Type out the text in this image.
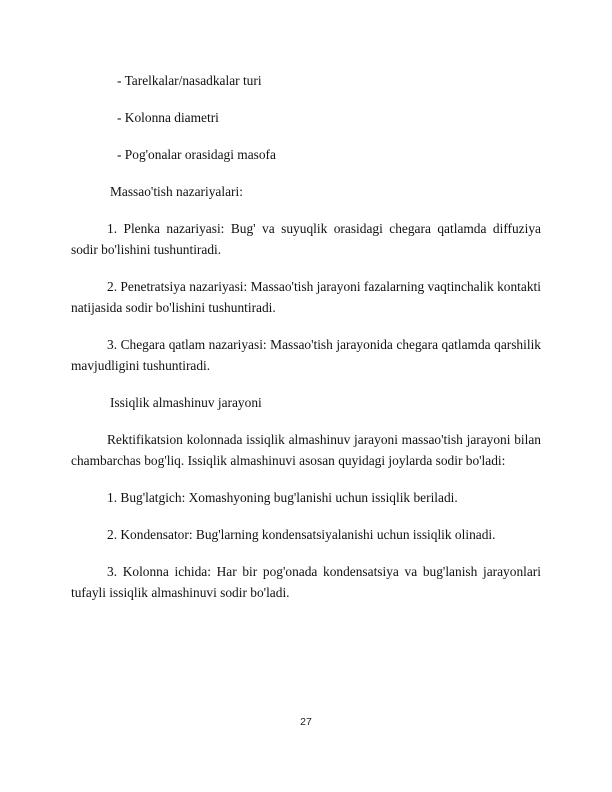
- Tarelkalar/nasadkalar turi
- Kolonna diametri
- Pog'onalar orasidagi masofa
Massao'tish nazariyalari:

1. Plenka nazariyasi: Bug' va suyuqlik orasidagi chegara qatlamda diffuziya sodir bo'lishini tushuntiradi.

2. Penetratsiya nazariyasi: Massao'tish jarayoni fazalarning vaqtinchalik kontakti natijasida sodir bo'lishini tushuntiradi.

3. Chegara qatlam nazariyasi: Massao'tish jarayonida chegara qatlamda qarshilik mavjudligini tushuntiradi.

Issiqlik almashinuv jarayoni

Rektifikatsion kolonnada issiqlik almashinuv jarayoni massao'tish jarayoni bilan chambarchas bog'liq. Issiqlik almashinuvi asosan quyidagi joylarda sodir bo'ladi:

1. Bug'latgich: Xomashyoning bug'lanishi uchun issiqlik beriladi.

2. Kondensator: Bug'larning kondensatsiyalanishi uchun issiqlik olinadi.

3. Kolonna ichida: Har bir pog'onada kondensatsiya va bug'lanish jarayonlari tufayli issiqlik almashinuvi sodir bo'ladi.

27
